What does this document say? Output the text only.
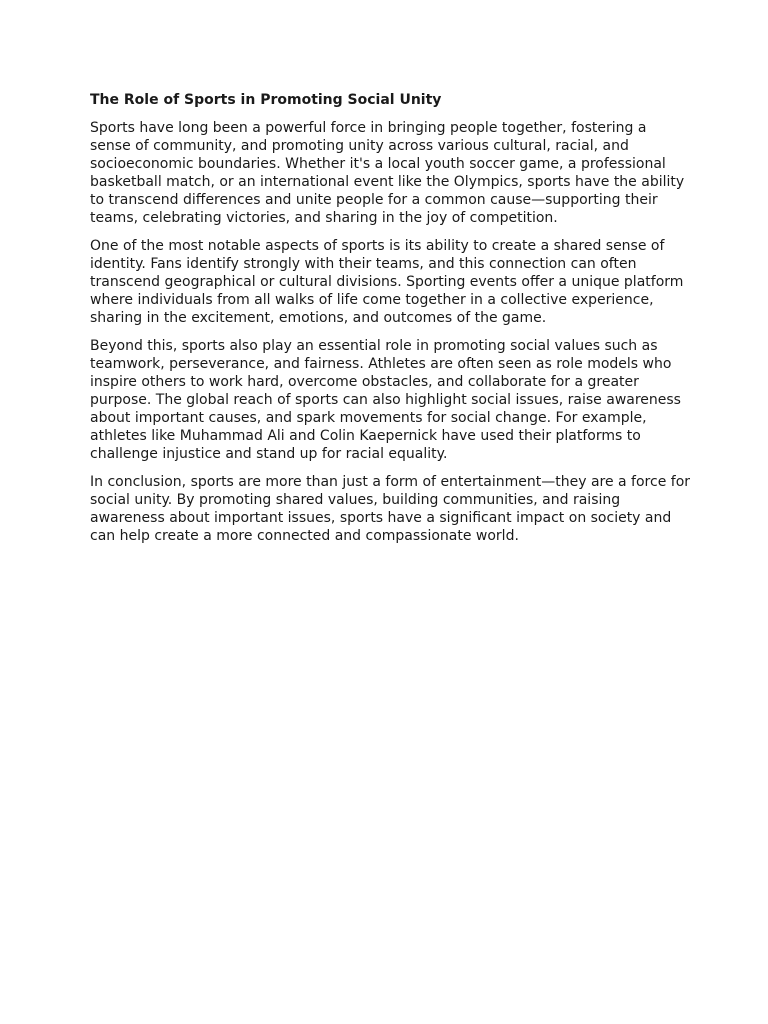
The Role of Sports in Promoting Social Unity

Sports have long been a powerful force in bringing people together, fostering a sense of community, and promoting unity across various cultural, racial, and socioeconomic boundaries. Whether it's a local youth soccer game, a professional basketball match, or an international event like the Olympics, sports have the ability to transcend differences and unite people for a common cause—supporting their teams, celebrating victories, and sharing in the joy of competition.

One of the most notable aspects of sports is its ability to create a shared sense of identity. Fans identify strongly with their teams, and this connection can often transcend geographical or cultural divisions. Sporting events offer a unique platform where individuals from all walks of life come together in a collective experience, sharing in the excitement, emotions, and outcomes of the game.

Beyond this, sports also play an essential role in promoting social values such as teamwork, perseverance, and fairness. Athletes are often seen as role models who inspire others to work hard, overcome obstacles, and collaborate for a greater purpose. The global reach of sports can also highlight social issues, raise awareness about important causes, and spark movements for social change. For example, athletes like Muhammad Ali and Colin Kaepernick have used their platforms to challenge injustice and stand up for racial equality.

In conclusion, sports are more than just a form of entertainment—they are a force for social unity. By promoting shared values, building communities, and raising awareness about important issues, sports have a significant impact on society and can help create a more connected and compassionate world.
